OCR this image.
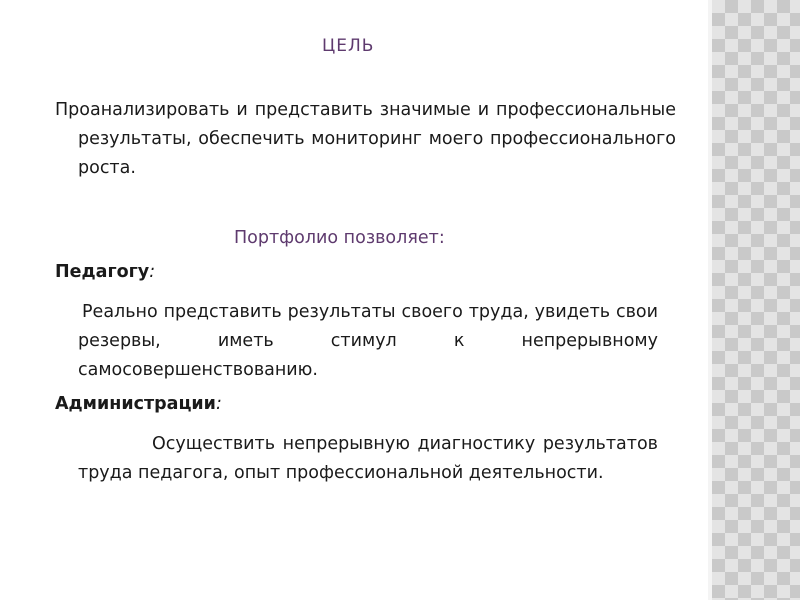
ЦЕЛЬ
Проанализировать и представить значимые и профессиональные результаты, обеспечить мониторинг моего профессионального роста.
Портфолио позволяет:
Педагогу:
Реально представить результаты своего труда, увидеть свои резервы, иметь стимул к непрерывному самосовершенствованию.
Администрации:
Осуществить непрерывную диагностику результатов труда педагога, опыт профессиональной деятельности.
